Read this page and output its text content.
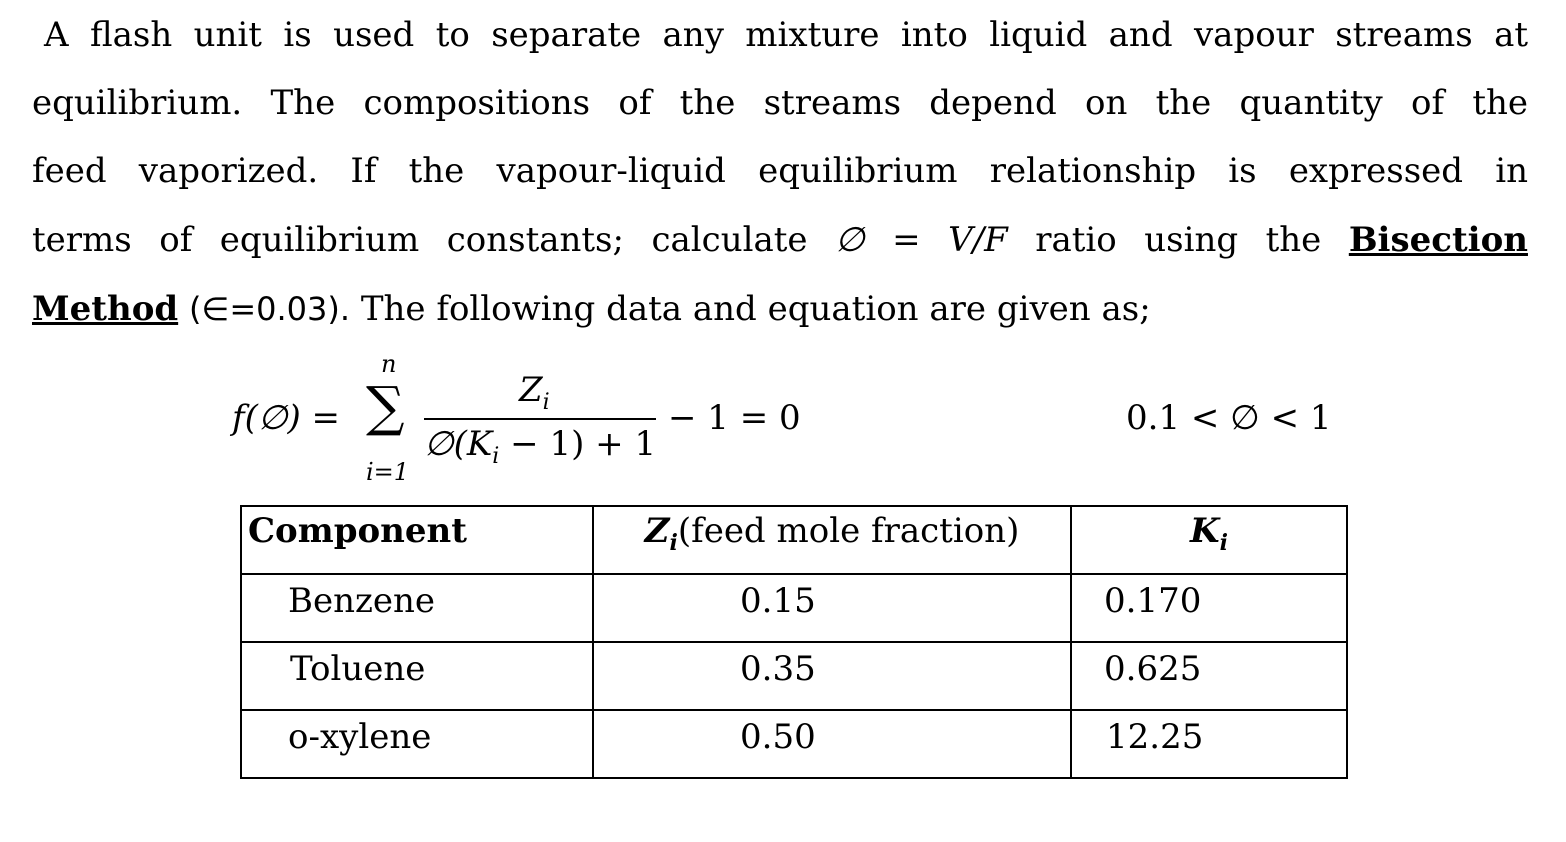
A flash unit is used to separate any mixture into liquid and vapour streams at
equilibrium. The compositions of the streams depend on the quantity of the
feed vaporized. If the vapour-liquid equilibrium relationship is expressed in
terms of equilibrium constants; calculate ∅ = V/F ratio using the Bisection
Method (∈=0.03). The following data and equation are given as;
f(∅) =
n
∑
i=1
$Z_i$
$\emptyset(K_i - 1) + 1$
− 1 = 0	0.1 < ∅ < 1
Component	$Z_i(feed$ mole fraction)	$K_i$

Benzene	0.15	0.170

Toluene	0.35	0.625

o-xylene	0.50	12.25
